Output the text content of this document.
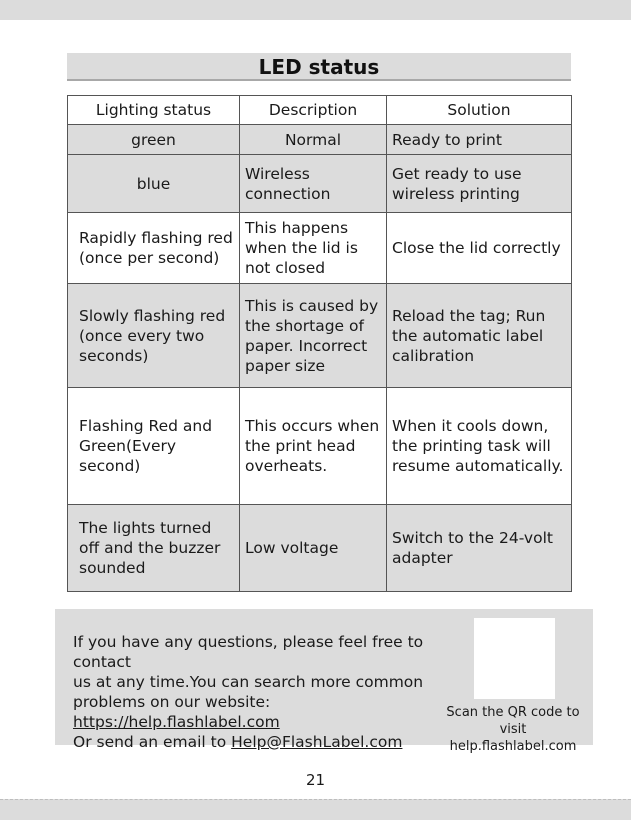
LED status
Lighting status	Description	Solution
green	Normal	Ready to print
blue	Wireless connection	Get ready to use wireless printing
Rapidly flashing red (once per second)	This happens when the lid is not closed	Close the lid correctly
Slowly flashing red (once every two seconds)	This is caused by the shortage of paper. Incorrect paper size	Reload the tag; Run the automatic label calibration
Flashing Red and Green(Every second)	This occurs when the print head overheats.	When it cools down, the printing task will resume automatically.
The lights turned off and the buzzer sounded	Low voltage	Switch to the 24-volt adapter
If you have any questions, please feel free to contact
us at any time.You can search more common
problems on our website: https://help.flashlabel.com
Or send an email to Help@FlashLabel.com
Scan the QR code to visit
help.flashlabel.com
21
